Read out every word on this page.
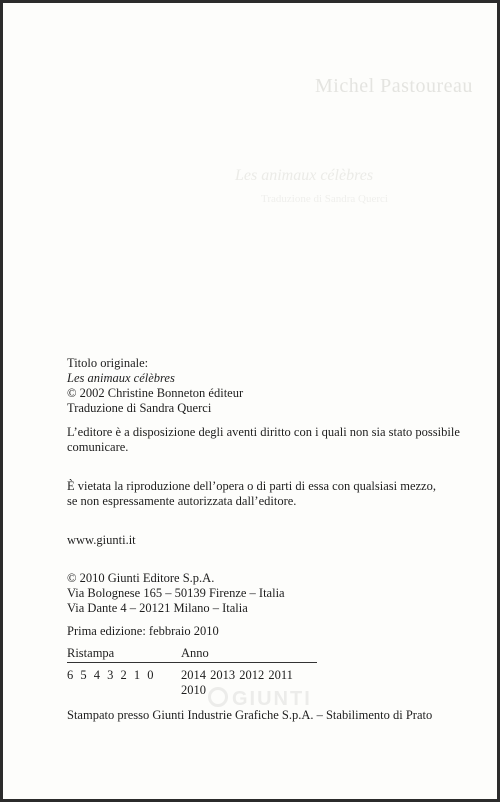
Michel Pastoureau
Les animaux célèbres
Traduzione di Sandra Querci
GIUNTI

Titolo originale:

Les animaux célèbres

© 2002 Christine Bonneton éditeur

Traduzione di Sandra Querci

L’editore è a disposizione degli aventi diritto con i quali non sia stato possibile

comunicare.

È vietata la riproduzione dell’opera o di parti di essa con qualsiasi mezzo,

se non espressamente autorizzata dall’editore.

www.giunti.it

© 2010 Giunti Editore S.p.A.

Via Bolognese 165 – 50139 Firenze – Italia

Via Dante 4 – 20121 Milano – Italia

Prima edizione: febbraio 2010
Ristampa	Anno
6 5 4 3 2 1 0 2014 2013 2012 2011 2010
Stampato presso Giunti Industrie Grafiche S.p.A. – Stabilimento di Prato
